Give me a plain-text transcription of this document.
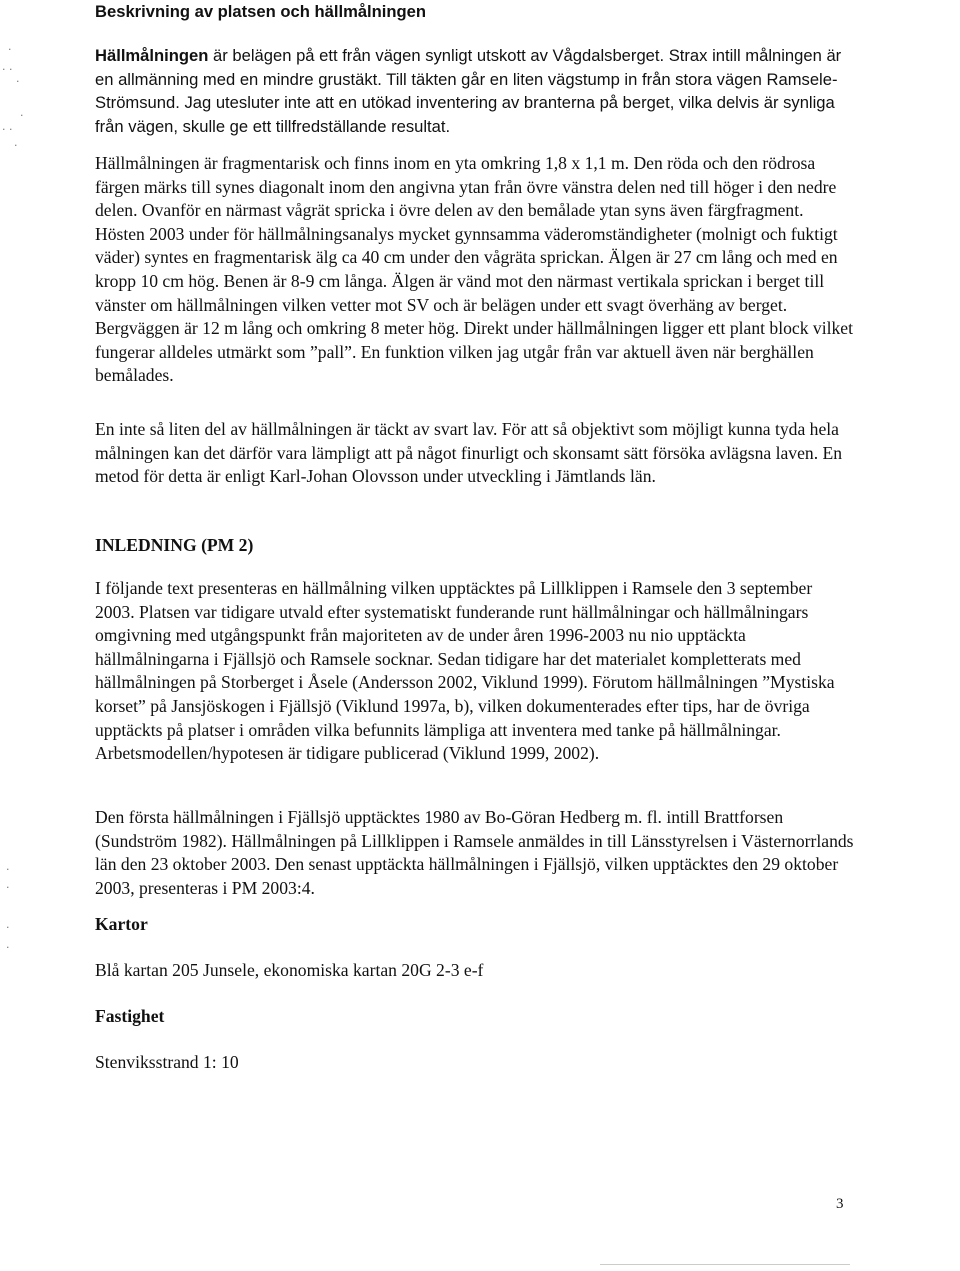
Beskrivning av platsen och hällmålningen

Hällmålningen är belägen på ett från vägen synligt utskott av Vågdalsberget. Strax intill målningen är en allmänning med en mindre grustäkt. Till täkten går en liten vägstump in från stora vägen Ramsele-Strömsund. Jag utesluter inte att en utökad inventering av branterna på berget, vilka delvis är synliga från vägen, skulle ge ett tillfredställande resultat.

Hällmålningen är fragmentarisk och finns inom en yta omkring 1,8 x 1,1 m. Den röda och den rödrosa färgen märks till synes diagonalt inom den angivna ytan från övre vänstra delen ned till höger i den nedre delen. Ovanför en närmast vågrät spricka i övre delen av den bemålade ytan syns även färgfragment. Hösten 2003 under för hällmålningsanalys mycket gynnsamma väderomständigheter (molnigt och fuktigt väder) syntes en fragmentarisk älg ca 40 cm under den vågräta sprickan. Älgen är 27 cm lång och med en kropp 10 cm hög. Benen är 8-9 cm långa. Älgen är vänd mot den närmast vertikala sprickan i berget till vänster om hällmålningen vilken vetter mot SV och är belägen under ett svagt överhäng av berget. Bergväggen är 12 m lång och omkring 8 meter hög. Direkt under hällmålningen ligger ett plant block vilket fungerar alldeles utmärkt som ”pall”. En funktion vilken jag utgår från var aktuell även när berghällen bemålades.

En inte så liten del av hällmålningen är täckt av svart lav. För att så objektivt som möjligt kunna tyda hela målningen kan det därför vara lämpligt att på något finurligt och skonsamt sätt försöka avlägsna laven. En metod för detta är enligt Karl-Johan Olovsson under utveckling i Jämtlands län.

INLEDNING (PM 2)

I följande text presenteras en hällmålning vilken upptäcktes på Lillklippen i Ramsele den 3 september 2003. Platsen var tidigare utvald efter systematiskt funderande runt hällmålningar och hällmålningars omgivning med utgångspunkt från majoriteten av de under åren 1996-2003 nu nio upptäckta hällmålningarna i Fjällsjö och Ramsele socknar. Sedan tidigare har det materialet kompletterats med hällmålningen på Storberget i Åsele (Andersson 2002, Viklund 1999). Förutom hällmålningen ”Mystiska korset” på Jansjöskogen i Fjällsjö (Viklund 1997a, b), vilken dokumenterades efter tips, har de övriga upptäckts på platser i områden vilka befunnits lämpliga att inventera med tanke på hällmålningar. Arbetsmodellen/hypotesen är tidigare publicerad (Viklund 1999, 2002).

Den första hällmålningen i Fjällsjö upptäcktes 1980 av Bo-Göran Hedberg m. fl. intill Brattforsen (Sundström 1982). Hällmålningen på Lillklippen i Ramsele anmäldes in till Länsstyrelsen i Västernorrlands län den 23 oktober 2003. Den senast upptäckta hällmålningen i Fjällsjö, vilken upptäcktes den 29 oktober 2003, presenteras i PM 2003:4.

Kartor

Blå kartan 205 Junsele, ekonomiska kartan 20G 2-3 e-f

Fastighet

Stenviksstrand 1: 10

3

·
· ·
·
·
· ·
·
·
·
·
·
